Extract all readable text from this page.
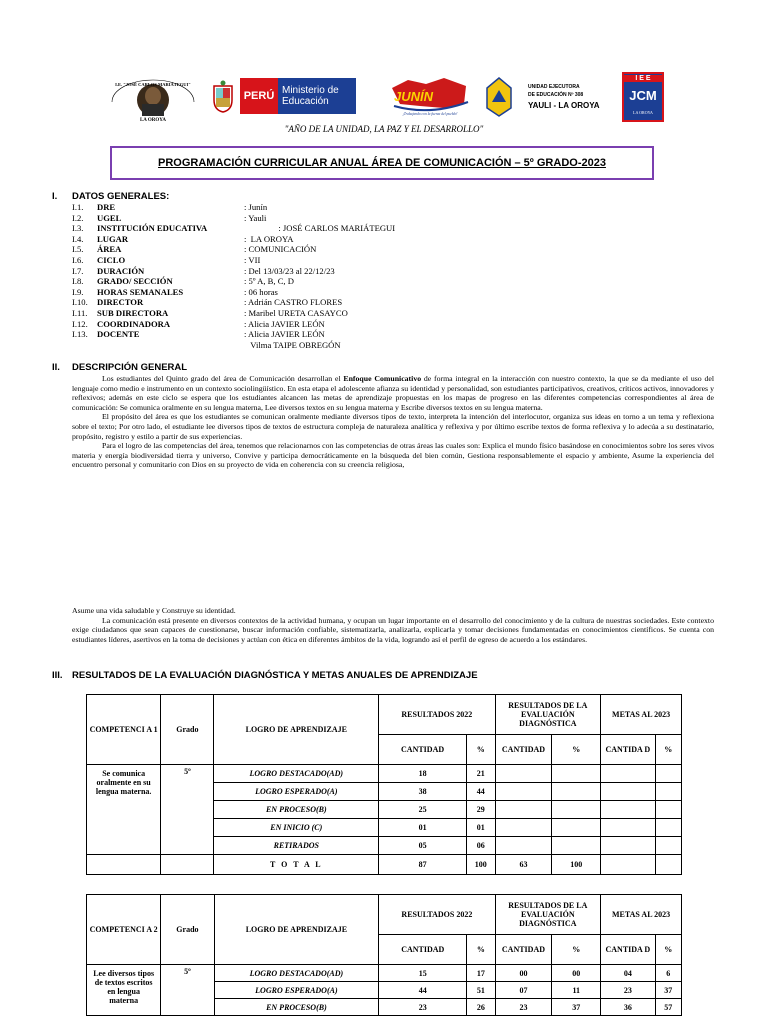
I.E. "JOSÉ CARLOS MARIÁTEGUI"
LA OROYA
PERÚ Ministerio de Educación	JUNÍN
¡Trabajando con la fuerza del pueblo!
UNIDAD EJECUTORA
DE EDUCACIÓN Nº 308
YAULI - LA OROYA
I E E
JCM
LA OROYA
"AÑO DE LA UNIDAD, LA PAZ Y EL DESARROLLO"
PROGRAMACIÓN CURRICULAR ANUAL ÁREA DE COMUNICACIÓN – 5º GRADO-2023
I. DATOS GENERALES:
I.1. DRE	: Junín
I.2. UGEL	: Yauli
I.3. INSTITUCIÓN EDUCATIVA	: JOSÉ CARLOS MARIÁTEGUI
I.4. LUGAR	:  LA OROYA
I.5. ÁREA	: COMUNICACIÓN
I.6. CICLO	: VII
I.7. DURACIÓN	: Del 13/03/23 al 22/12/23
I.8. GRADO/ SECCIÓN	: 5º A, B, C, D
I.9. HORAS SEMANALES	: 06 horas
I.10. DIRECTOR	: Adrián CASTRO FLORES
I.11. SUB DIRECTORA	: Maribel URETA CASAYCO
I.12. COORDINADORA	: Alicia JAVIER LEÓN
I.13. DOCENTE	: Alicia JAVIER LEÓN
Vilma TAIPE OBREGÓN
II. DESCRIPCIÓN GENERAL

Los estudiantes del Quinto grado del área de Comunicación desarrollan el Enfoque Comunicativo de forma integral en la interacción con nuestro contexto, la que se da mediante el uso del lenguaje como medio e instrumento en un contexto sociolingüístico. En esta etapa el adolescente afianza su identidad y personalidad, son estudiantes participativos, creativos, críticos activos, innovadores y reflexivos; además en este ciclo se espera que los estudiantes alcancen las metas de aprendizaje propuestas en los mapas de progreso en las diferentes competencias correspondientes al área de comunicación: Se comunica oralmente en su lengua materna, Lee diversos textos en su lengua materna y Escribe diversos textos en su lengua materna.

El propósito del área es que los estudiantes se comunican oralmente mediante diversos tipos de texto, interpreta la intención del interlocutor, organiza sus ideas en torno a un tema y reflexiona sobre el texto; Por otro lado, el estudiante lee diversos tipos de textos de estructura compleja de naturaleza analítica y reflexiva y por último escribe textos de forma reflexiva y lo adecúa a su destinatario, propósito, registro y estilo a partir de sus experiencias.

Para el logro de las competencias del área, tenemos que relacionarnos con las competencias de otras áreas las cuales son: Explica el mundo físico basándose en conocimientos sobre los seres vivos materia y energía biodiversidad tierra y universo, Convive y participa democráticamente en la búsqueda del bien común, Gestiona responsablemente el espacio y ambiente, Asume la experiencia del encuentro personal y comunitario con Dios en su proyecto de vida en coherencia con su creencia religiosa,

Asume una vida saludable y Construye su identidad.

La comunicación está presente en diversos contextos de la actividad humana, y ocupan un lugar importante en el desarrollo del conocimiento y de la cultura de nuestras sociedades. Este contexto exige ciudadanos que sean capaces de cuestionarse, buscar información confiable, sistematizarla, analizarla, explicarla y tomar decisiones fundamentadas en conocimientos científicos. Se cuenta con estudiantes líderes, asertivos en la toma de decisiones y actúan con ética en diferentes ámbitos de la vida, logrando así el perfil de egreso de acuerdo a los estándares.

III. RESULTADOS DE LA EVALUACIÓN DIAGNÓSTICA Y METAS ANUALES DE APRENDIZAJE
COMPETENCI A 1	Grado	LOGRO DE APRENDIZAJE	RESULTADOS 2022		RESULTADOS DE LA EVALUACIÓN DIAGNÓSTICA		METAS AL 2023	
			CANTIDAD	%	CANTIDAD	%	CANTIDA D	%
Se comunica oralmente en su lengua materna.	5º	LOGRO DESTACADO(AD)	18	21				
		LOGRO ESPERADO(A)	38	44				
		EN PROCESO(B)	25	29				
		EN INICIO (C)	01	01				
		RETIRADOS	05	06				
		T O T A L	87	100	63	100		
COMPETENCI A 2	Grado	LOGRO DE APRENDIZAJE	RESULTADOS 2022		RESULTADOS DE LA EVALUACIÓN DIAGNÓSTICA		METAS AL 2023	
			CANTIDAD	%	CANTIDAD	%	CANTIDA D	%
Lee diversos tipos de textos escritos en lengua materna	5º	LOGRO DESTACADO(AD)	15	17	00	00	04	6
		LOGRO ESPERADO(A)	44	51	07	11	23	37
		EN PROCESO(B)	23	26	23	37	36	57
